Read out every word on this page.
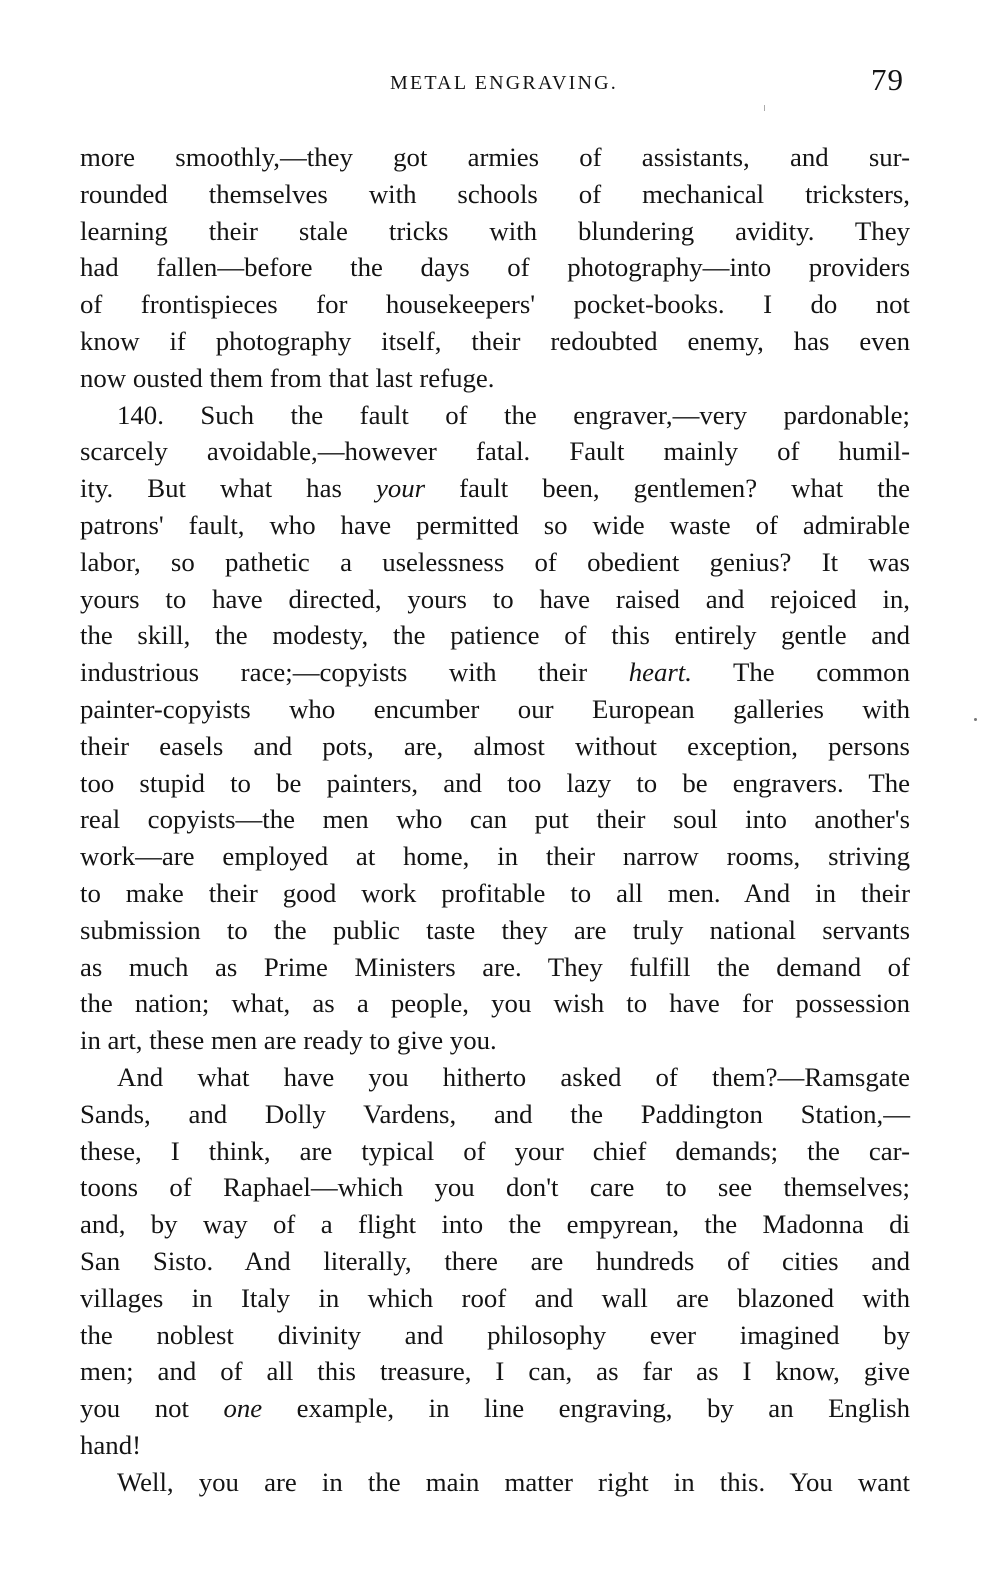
METAL ENGRAVING.	79
more smoothly,—they got armies of assistants, and sur-
rounded themselves with schools of mechanical tricksters,
learning their stale tricks with blundering avidity. They
had fallen—before the days of photography—into providers
of frontispieces for housekeepers' pocket-books. I do not
know if photography itself, their redoubted enemy, has even
now ousted them from that last refuge.
140. Such the fault of the engraver,—very pardonable;
scarcely avoidable,—however fatal. Fault mainly of humil-
ity. But what has your fault been, gentlemen? what the
patrons' fault, who have permitted so wide waste of admirable
labor, so pathetic a uselessness of obedient genius? It was
yours to have directed, yours to have raised and rejoiced in,
the skill, the modesty, the patience of this entirely gentle and
industrious race;—copyists with their heart. The common
painter-copyists who encumber our European galleries with
their easels and pots, are, almost without exception, persons
too stupid to be painters, and too lazy to be engravers. The
real copyists—the men who can put their soul into another's
work—are employed at home, in their narrow rooms, striving
to make their good work profitable to all men. And in their
submission to the public taste they are truly national servants
as much as Prime Ministers are. They fulfill the demand of
the nation; what, as a people, you wish to have for possession
in art, these men are ready to give you.
And what have you hitherto asked of them?—Ramsgate
Sands, and Dolly Vardens, and the Paddington Station,—
these, I think, are typical of your chief demands; the car-
toons of Raphael—which you don't care to see themselves;
and, by way of a flight into the empyrean, the Madonna di
San Sisto. And literally, there are hundreds of cities and
villages in Italy in which roof and wall are blazoned with
the noblest divinity and philosophy ever imagined by
men; and of all this treasure, I can, as far as I know, give
you not one example, in line engraving, by an English
hand!
Well, you are in the main matter right in this. You want
